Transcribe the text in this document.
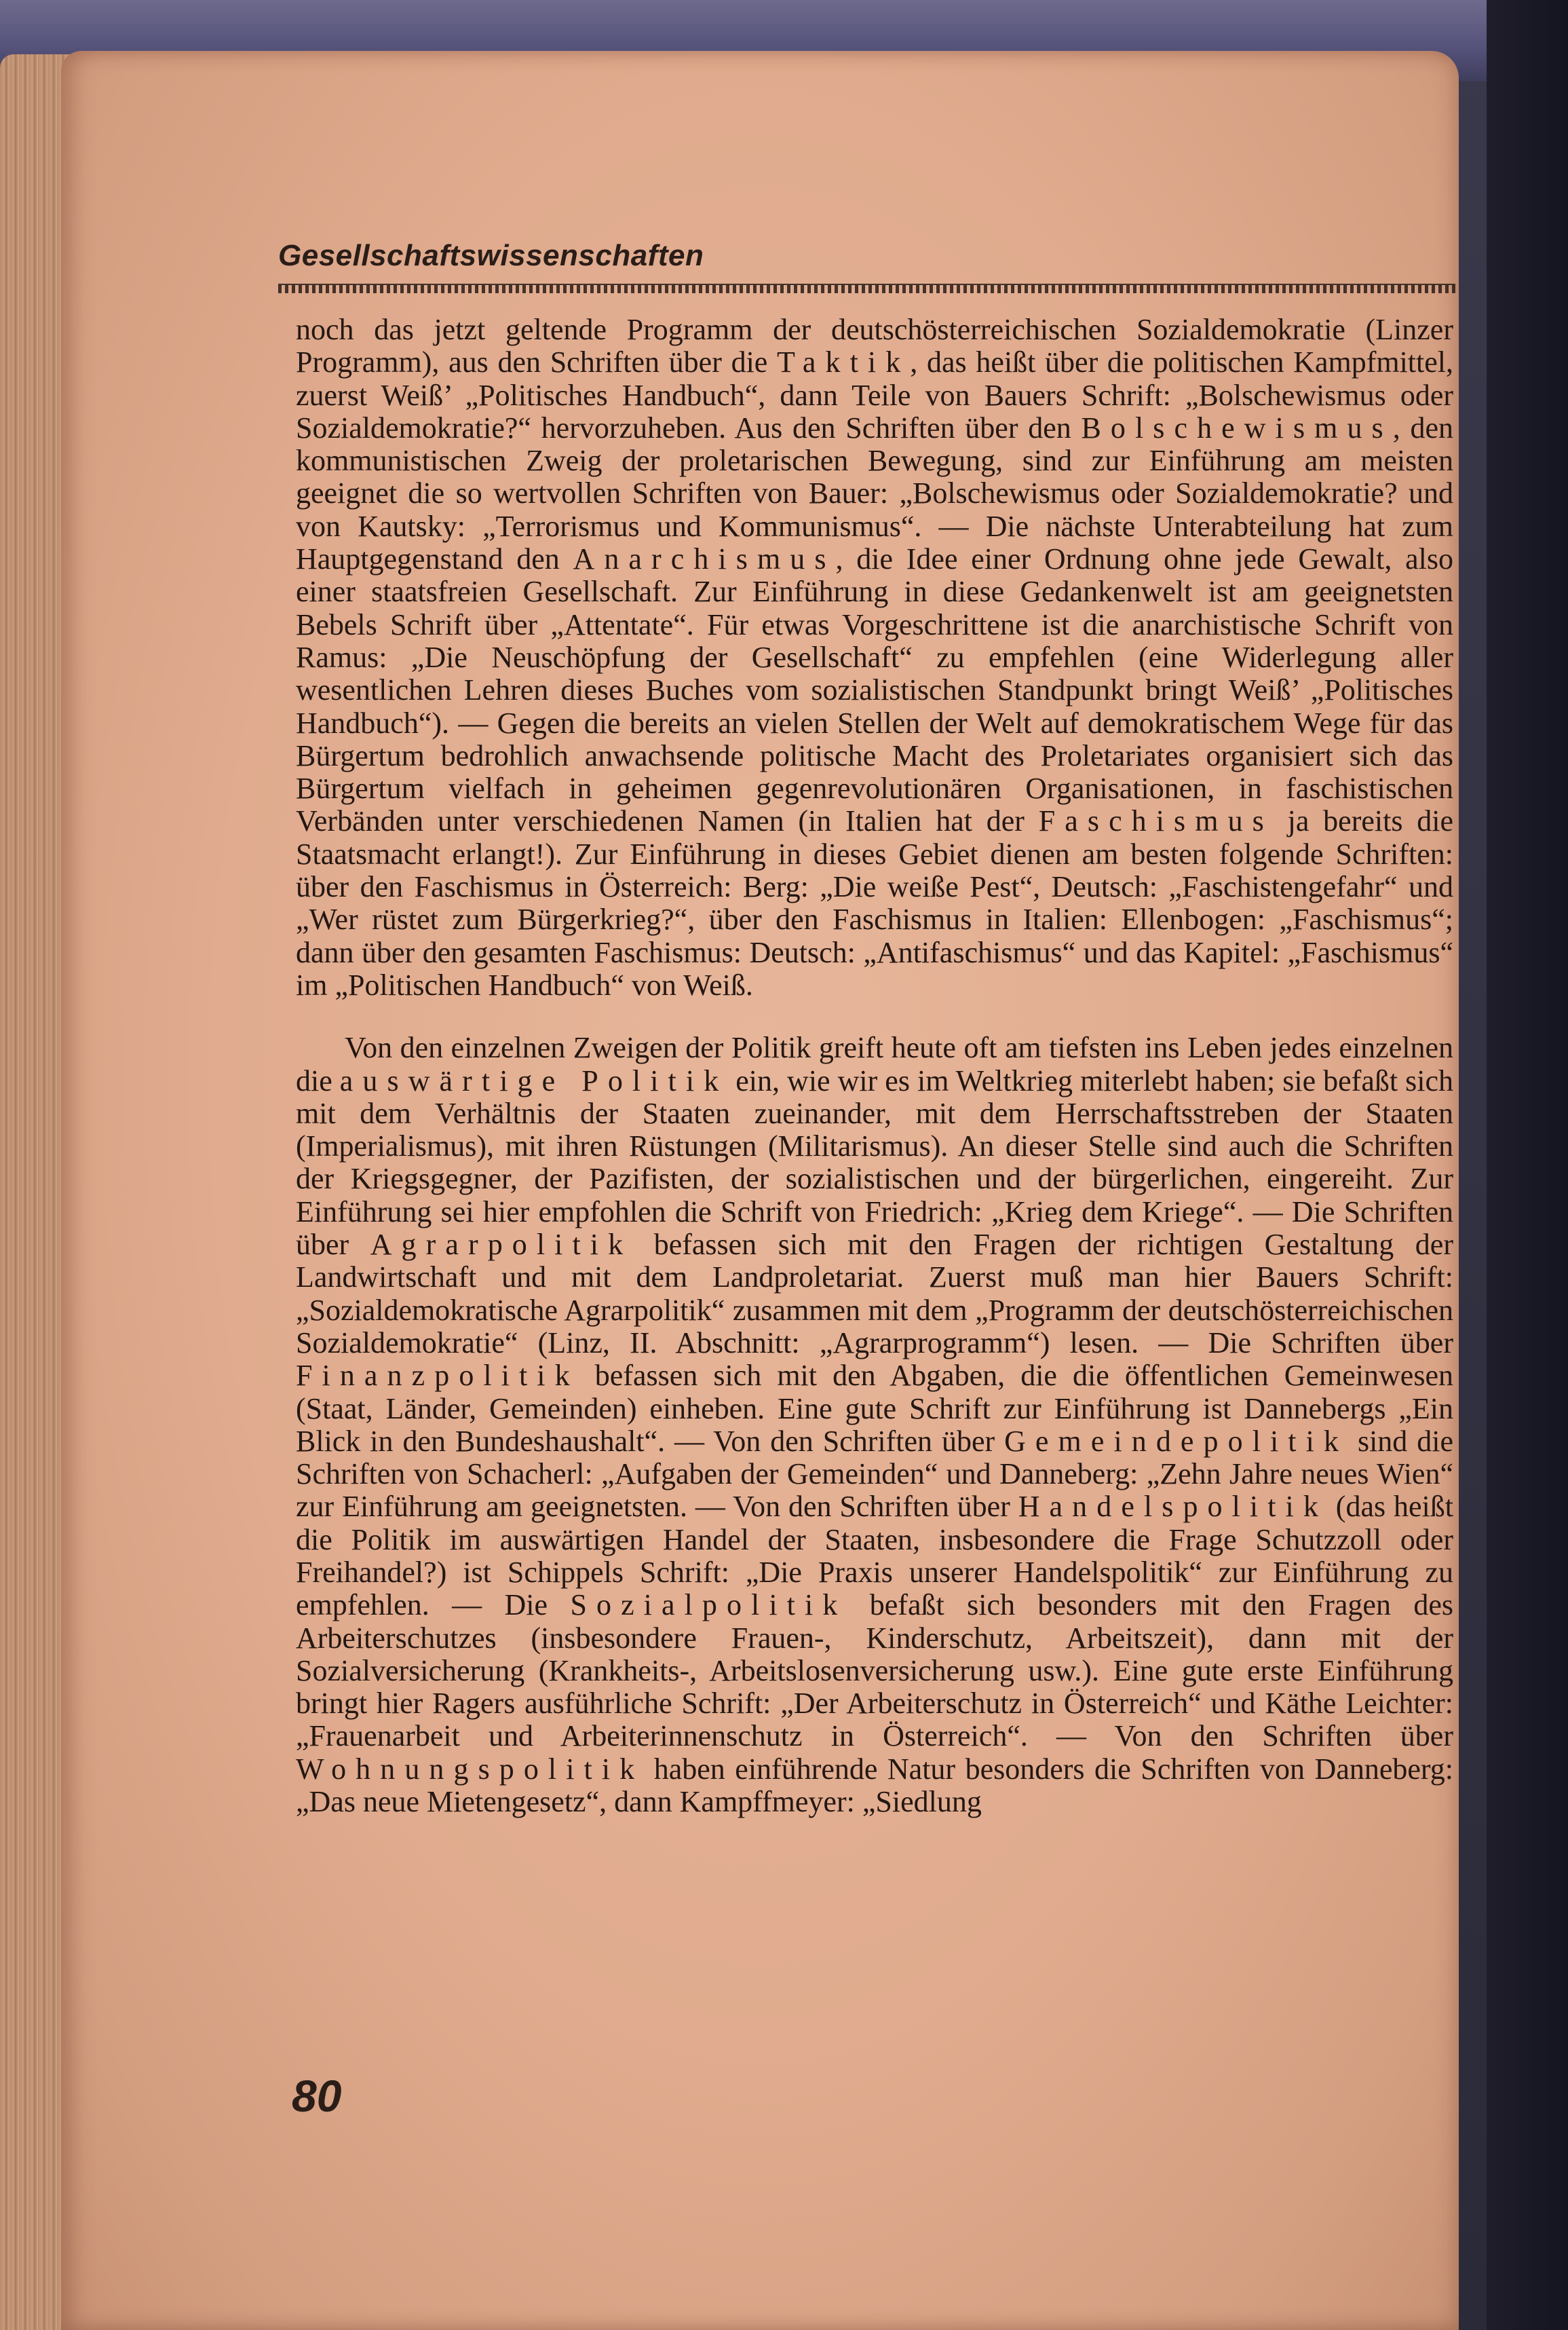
Gesellschaftswissenschaften

noch das jetzt geltende Programm der deutschösterreichischen Sozialdemokratie (Linzer Programm), aus den Schriften über die Taktik, das heißt über die politischen Kampfmittel, zuerst Weiß’ „Politisches Handbuch“, dann Teile von Bauers Schrift: „Bolschewismus oder Sozialdemokratie?“ hervorzuheben. Aus den Schriften über den Bolschewismus, den kommunistischen Zweig der proletarischen Bewegung, sind zur Einführung am meisten geeignet die so wertvollen Schriften von Bauer: „Bolschewismus oder Sozialdemokratie? und von Kautsky: „Terrorismus und Kommunismus“. — Die nächste Unterabteilung hat zum Hauptgegenstand den Anarchismus, die Idee einer Ordnung ohne jede Gewalt, also einer staatsfreien Gesellschaft. Zur Einführung in diese Gedankenwelt ist am geeignetsten Bebels Schrift über „Attentate“. Für etwas Vorgeschrittene ist die anarchistische Schrift von Ramus: „Die Neuschöpfung der Gesellschaft“ zu empfehlen (eine Widerlegung aller wesentlichen Lehren dieses Buches vom sozialistischen Standpunkt bringt Weiß’ „Politisches Handbuch“). — Gegen die bereits an vielen Stellen der Welt auf demokratischem Wege für das Bürgertum bedrohlich anwachsende politische Macht des Proletariates organisiert sich das Bürgertum vielfach in geheimen gegenrevolutionären Organisationen, in faschistischen Verbänden unter verschiedenen Namen (in Italien hat der Faschismus ja bereits die Staatsmacht erlangt!). Zur Einführung in dieses Gebiet dienen am besten folgende Schriften: über den Faschismus in Österreich: Berg: „Die weiße Pest“, Deutsch: „Faschistengefahr“ und „Wer rüstet zum Bürgerkrieg?“, über den Faschismus in Italien: Ellenbogen: „Faschismus“; dann über den gesamten Faschismus: Deutsch: „Antifaschismus“ und das Kapitel: „Faschismus“ im „Politischen Handbuch“ von Weiß.

Von den einzelnen Zweigen der Politik greift heute oft am tiefsten ins Leben jedes einzelnen die auswärtige Politik ein, wie wir es im Weltkrieg miterlebt haben; sie befaßt sich mit dem Verhältnis der Staaten zueinander, mit dem Herrschaftsstreben der Staaten (Imperialismus), mit ihren Rüstungen (Militarismus). An dieser Stelle sind auch die Schriften der Kriegsgegner, der Pazifisten, der sozialistischen und der bürgerlichen, eingereiht. Zur Einführung sei hier empfohlen die Schrift von Friedrich: „Krieg dem Kriege“. — Die Schriften über Agrarpolitik befassen sich mit den Fragen der richtigen Gestaltung der Landwirtschaft und mit dem Landproletariat. Zuerst muß man hier Bauers Schrift: „Sozialdemokratische Agrarpolitik“ zusammen mit dem „Programm der deutschösterreichischen Sozialdemokratie“ (Linz, II. Abschnitt: „Agrarprogramm“) lesen. — Die Schriften über Finanzpolitik befassen sich mit den Abgaben, die die öffentlichen Gemeinwesen (Staat, Länder, Gemeinden) einheben. Eine gute Schrift zur Einführung ist Dannebergs „Ein Blick in den Bundeshaushalt“. — Von den Schriften über Gemeindepolitik sind die Schriften von Schacherl: „Aufgaben der Gemeinden“ und Danneberg: „Zehn Jahre neues Wien“ zur Einführung am geeignetsten. — Von den Schriften über Handelspolitik (das heißt die Politik im auswärtigen Handel der Staaten, insbesondere die Frage Schutzzoll oder Freihandel?) ist Schippels Schrift: „Die Praxis unserer Handelspolitik“ zur Einführung zu empfehlen. — Die Sozialpolitik befaßt sich besonders mit den Fragen des Arbeiterschutzes (insbesondere Frauen-, Kinderschutz, Arbeitszeit), dann mit der Sozialversicherung (Krankheits-, Arbeitslosenversicherung usw.). Eine gute erste Einführung bringt hier Ragers ausführliche Schrift: „Der Arbeiterschutz in Österreich“ und Käthe Leichter: „Frauenarbeit und Arbeiterinnenschutz in Österreich“. — Von den Schriften über Wohnungspolitik haben einführende Natur besonders die Schriften von Danneberg: „Das neue Mietengesetz“, dann Kampffmeyer: „Siedlung

80
